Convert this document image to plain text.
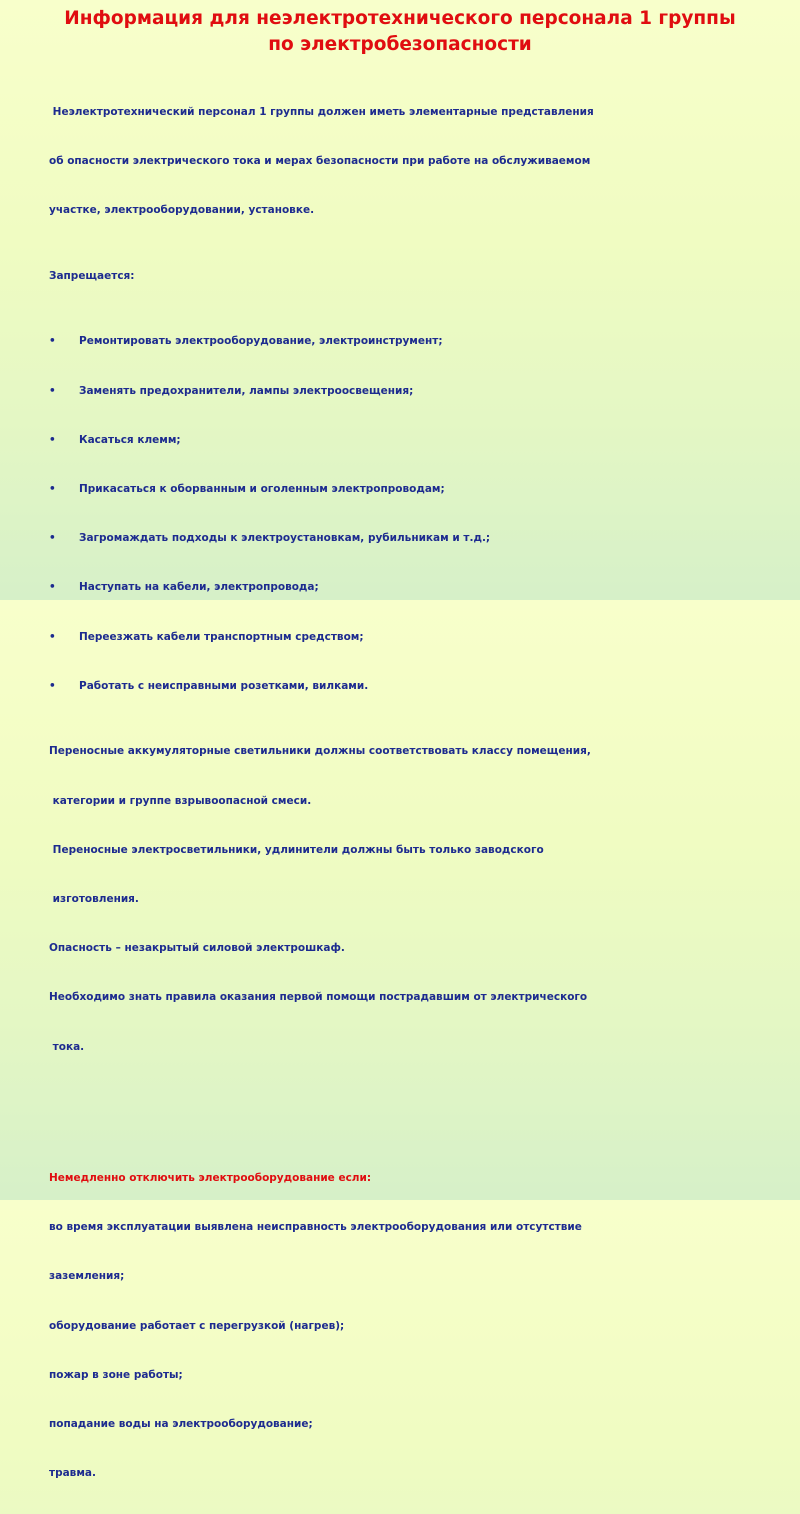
Информация для неэлектротехнического персонала 1 группы
по электробезопасности

Неэлектротехнический персонал 1 группы должен иметь элементарные представления

об опасности электрического тока и мерах безопасности при работе на обслуживаемом

участке, электрооборудовании, установке.

Запрещается:

•	Ремонтировать электрооборудование, электроинструмент;

•	Заменять предохранители, лампы электроосвещения;

•	Касаться клемм;

•	Прикасаться к оборванным и оголенным электропроводам;

•	Загромаждать подходы к электроустановкам, рубильникам и т.д.;

•	Наступать на кабели, электропровода;

•	Переезжать кабели транспортным средством;

•	Работать с неисправными розетками, вилками.

Переносные аккумуляторные светильники должны соответствовать классу помещения,

категории и группе взрывоопасной смеси.

Переносные электросветильники, удлинители должны быть только заводского

изготовления.

Опасность – незакрытый силовой электрошкаф.

Необходимо знать правила оказания первой помощи пострадавшим от электрического

тока.

Немедленно отключить электрооборудование если:

во время эксплуатации выявлена неисправность электрооборудования или отсутствие

заземления;

оборудование работает с перегрузкой (нагрев);

пожар в зоне работы;

попадание воды на электрооборудование;

травма.
